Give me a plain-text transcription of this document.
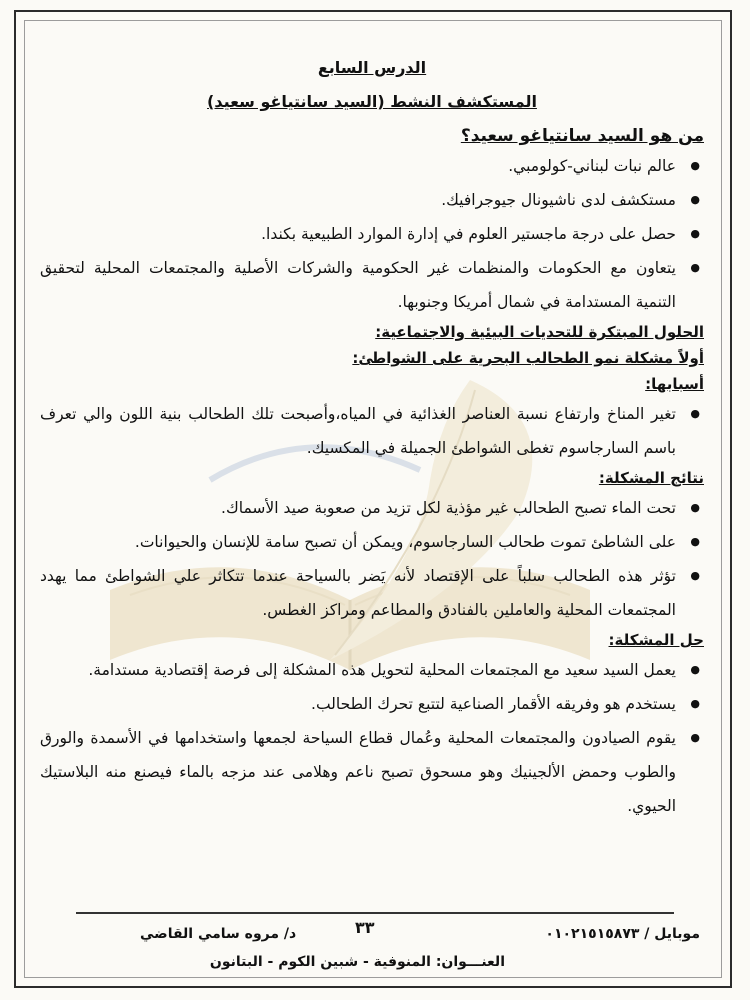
الدرس السابع
المستكشف النشط (السيد سانتياغو سعيد)
من هو السيد سانتياغو سعيد؟
● عالم نبات لبناني-كولومبي.
● مستكشف لدى ناشيونال جيوجرافيك.
● حصل على درجة ماجستير العلوم في إدارة الموارد الطبيعية بكندا.
● يتعاون مع الحكومات والمنظمات غير الحكومية والشركات الأصلية والمجتمعات المحلية لتحقيق التنمية المستدامة في شمال أمريكا وجنوبها.
الحلول المبتكرة للتحديات البيئية والاجتماعية:
أولاً مشكلة نمو الطحالب البحرية على الشواطئ:
أسبابها:
● تغير المناخ وارتفاع نسبة العناصر الغذائية في المياه،وأصبحت تلك الطحالب بنية اللون والي تعرف باسم السارجاسوم تغطى الشواطئ الجميلة في المكسيك.
نتائج المشكلة:
● تحت الماء تصبح الطحالب غير مؤذية لكل تزيد من صعوبة صيد الأسماك.
● على الشاطئ تموت طحالب السارجاسوم، ويمكن أن تصبح سامة للإنسان والحيوانات.
● تؤثر هذه الطحالب سلباً على الإقتصاد لأنه يَضر بالسياحة عندما تتكاثر علي الشواطئ مما يهدد المجتمعات المحلية والعاملين بالفنادق والمطاعم ومراكز الغطس.
حل المشكلة:
● يعمل السيد سعيد مع المجتمعات المحلية لتحويل هذه المشكلة إلى فرصة إقتصادية مستدامة.
● يستخدم هو وفريقه الأقمار الصناعية لتتبع تحرك الطحالب.
● يقوم الصيادون والمجتمعات المحلية وعُمال قطاع السياحة لجمعها واستخدامها في الأسمدة والورق والطوب وحمض الألجينيك وهو مسحوق تصبح ناعم وهلامى عند مزجه بالماء فيصنع منه البلاستيك الحيوي.
موبايل / ٠١٠٢١٥١٥٨٧٣
٣٣
د/ مروه سامي القاضي
العنـــوان: المنوفية - شبين الكوم - البتانون
